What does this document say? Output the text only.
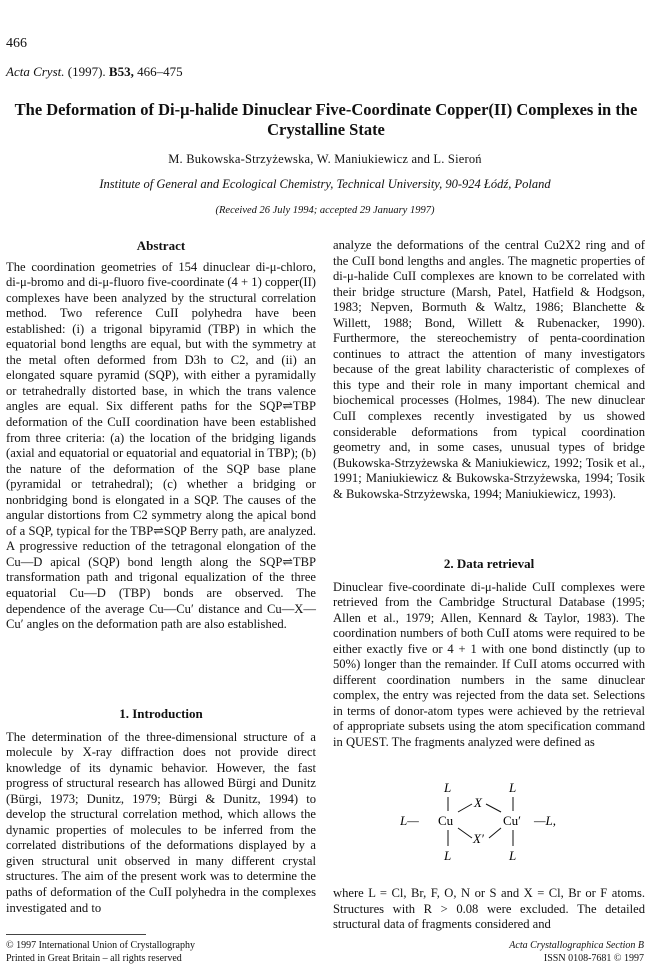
466
Acta Cryst. (1997). B53, 466–475
The Deformation of Di-μ-halide Dinuclear Five-Coordinate Copper(II) Complexes in the Crystalline State
M. Bukowska-Strzyżewska, W. Maniukiewicz and L. Sieroń
Institute of General and Ecological Chemistry, Technical University, 90-924 Łódź, Poland
(Received 26 July 1994; accepted 29 January 1997)
Abstract

The coordination geometries of 154 dinuclear di-μ-chloro, di-μ-bromo and di-μ-fluoro five-coordinate (4 + 1) copper(II) complexes have been analyzed by the structural correlation method. Two reference CuII polyhedra have been established: (i) a trigonal bipyramid (TBP) in which the equatorial bond lengths are equal, but with the symmetry at the metal often deformed from D3h to C2, and (ii) an elongated square pyramid (SQP), with either a pyramidally or tetrahedrally distorted base, in which the trans valence angles are equal. Six different paths for the SQP⇌TBP deformation of the CuII coordination have been established from three criteria: (a) the location of the bridging ligands (axial and equatorial or equatorial and equatorial in TBP); (b) the nature of the deformation of the SQP base plane (pyramidal or tetrahedral); (c) whether a bridging or nonbridging bond is elongated in a SQP. The causes of the angular distortions from C2 symmetry along the apical bond of a SQP, typical for the TBP⇌SQP Berry path, are analyzed. A progressive reduction of the tetragonal elongation of the Cu—D apical (SQP) bond length along the SQP⇌TBP transformation path and trigonal equalization of the three equatorial Cu—D (TBP) bonds are observed. The dependence of the average Cu—Cu′ distance and Cu—X—Cu′ angles on the deformation path are also established.

1. Introduction

The determination of the three-dimensional structure of a molecule by X-ray diffraction does not provide direct knowledge of its dynamic behavior. However, the fast progress of structural research has allowed Bürgi and Dunitz (Bürgi, 1973; Dunitz, 1979; Bürgi & Dunitz, 1994) to develop the structural correlation method, which allows the dynamic properties of molecules to be inferred from the correlated distributions of the deformations displayed by a given structural unit observed in many different crystal structures. The aim of the present work was to determine the paths of deformation of the CuII polyhedra in the complexes investigated and to

analyze the deformations of the central Cu2X2 ring and of the CuII bond lengths and angles. The magnetic properties of di-μ-halide CuII complexes are known to be correlated with their bridge structure (Marsh, Patel, Hatfield & Hodgson, 1983; Nepven, Bormuth & Waltz, 1986; Blanchette & Willett, 1988; Bond, Willett & Rubenacker, 1990). Furthermore, the stereochemistry of penta-coordination continues to attract the attention of many investigators because of the great lability characteristic of complexes of this type and their role in many important chemical and biochemical processes (Holmes, 1984). The new dinuclear CuII complexes recently investigated by us showed considerable deformations from typical coordination geometry and, in some cases, unusual types of bridge (Bukowska-Strzyżewska & Maniukiewicz, 1992; Tosik et al., 1991; Maniukiewicz & Bukowska-Strzyżewska, 1994; Tosik & Bukowska-Strzyżewska, 1994; Maniukiewicz, 1993).

2. Data retrieval

Dinuclear five-coordinate di-μ-halide CuII complexes were retrieved from the Cambridge Structural Database (1995; Allen et al., 1979; Allen, Kennard & Taylor, 1983). The coordination numbers of both CuII atoms were required to be either exactly five or 4 + 1 with one bond distinctly (up to 50%) longer than the remainder. If CuII atoms occurred with different coordination numbers in the same dinuclear complex, the entry was rejected from the data set. Selections in terms of donor-atom types were achieved by the retrieval of appropriate subsets using the atom specification command in QUEST. The fragments analyzed were defined as

L	L
X
L— Cu	Cu′ —L,
X′
L	L

where L = Cl, Br, F, O, N or S and X = Cl, Br or F atoms. Structures with R > 0.08 were excluded. The detailed structural data of fragments considered and

© 1997 International Union of Crystallography
Printed in Great Britain – all rights reserved
Acta Crystallographica Section B
ISSN 0108-7681 © 1997
